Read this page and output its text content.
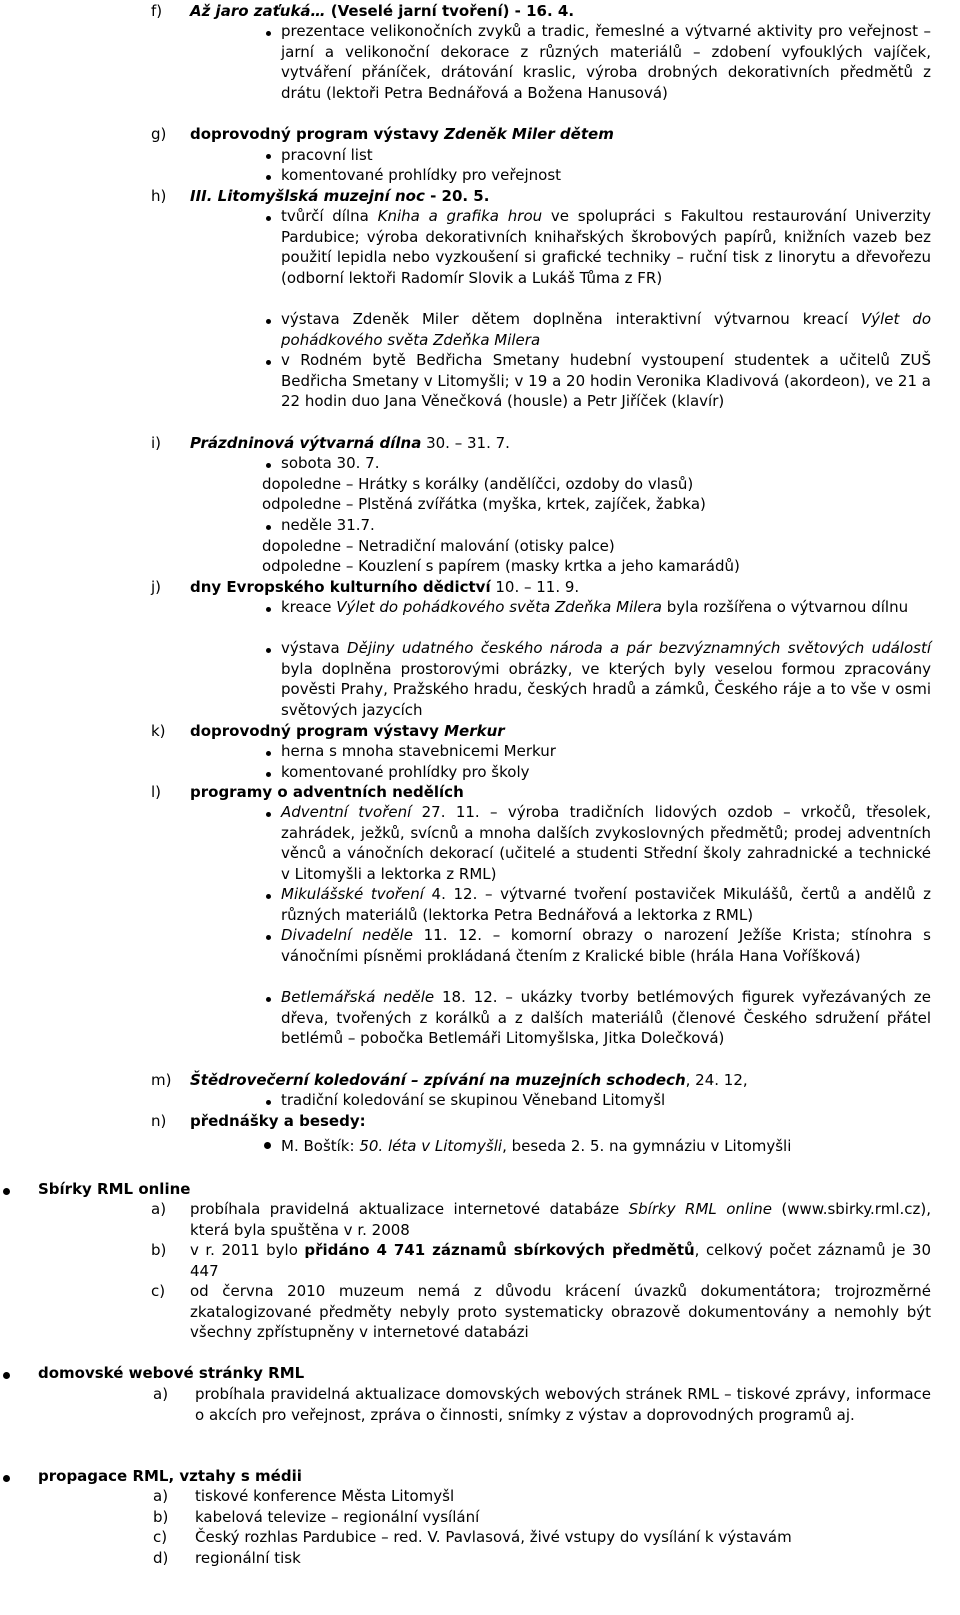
f) Až jaro zaťuká… (Veselé jarní tvoření) - 16. 4.
prezentace velikonočních zvyků a tradic, řemeslné a výtvarné aktivity pro veřejnost – jarní a velikonoční dekorace z různých materiálů – zdobení vyfouklých vajíček, vytváření přáníček, drátování kraslic, výroba drobných dekorativních předmětů z drátu (lektoři Petra Bednářová a Božena Hanusová)
g) doprovodný program výstavy Zdeněk Miler dětem
pracovní list
komentované prohlídky pro veřejnost
h) III. Litomyšlská muzejní noc - 20. 5.
tvůrčí dílna Kniha a grafika hrou ve spolupráci s Fakultou restaurování Univerzity Pardubice; výroba dekorativních knihařských škrobových papírů, knižních vazeb bez použití lepidla nebo vyzkoušení si grafické techniky – ruční tisk z linorytu a dřevořezu (odborní lektoři Radomír Slovik a Lukáš Tůma z FR)
výstava Zdeněk Miler dětem doplněna interaktivní výtvarnou kreací Výlet do pohádkového světa Zdeňka Milera
v Rodném bytě Bedřicha Smetany hudební vystoupení studentek a učitelů ZUŠ Bedřicha Smetany v Litomyšli; v 19 a 20 hodin Veronika Kladivová (akordeon), ve 21 a 22 hodin duo Jana Věnečková (housle) a Petr Jiříček (klavír)
i) Prázdninová výtvarná dílna 30. – 31. 7.
sobota 30. 7.
dopoledne – Hrátky s korálky (andělíčci, ozdoby do vlasů)
odpoledne – Plstěná zvířátka (myška, krtek, zajíček, žabka)
neděle 31.7.
dopoledne – Netradiční malování (otisky palce)
odpoledne – Kouzlení s papírem (masky krtka a jeho kamarádů)
j) dny Evropského kulturního dědictví 10. – 11. 9.
kreace Výlet do pohádkového světa Zdeňka Milera byla rozšířena o výtvarnou dílnu
výstava Dějiny udatného českého národa a pár bezvýznamných světových událostí byla doplněna prostorovými obrázky, ve kterých byly veselou formou zpracovány pověsti Prahy, Pražského hradu, českých hradů a zámků, Českého ráje a to vše v osmi světových jazycích
k) doprovodný program výstavy Merkur
herna s mnoha stavebnicemi Merkur
komentované prohlídky pro školy
l) programy o adventních nedělích
Adventní tvoření 27. 11. – výroba tradičních lidových ozdob – vrkočů, třesolek, zahrádek, ježků, svícnů a mnoha dalších zvykoslovných předmětů; prodej adventních věnců a vánočních dekorací (učitelé a studenti Střední školy zahradnické a technické v Litomyšli a lektorka z RML)
Mikulášské tvoření 4. 12. – výtvarné tvoření postaviček Mikulášů, čertů a andělů z různých materiálů (lektorka Petra Bednářová a lektorka z RML)
Divadelní neděle 11. 12. – komorní obrazy o narození Ježíše Krista; stínohra s vánočními písněmi prokládaná čtením z Kralické bible (hrála Hana Voříšková)
Betlemářská neděle 18. 12. – ukázky tvorby betlémových figurek vyřezávaných ze dřeva, tvořených z korálků a z dalších materiálů (členové Českého sdružení přátel betlémů – pobočka Betlemáři Litomyšlska, Jitka Dolečková)
m) Štědrovečerní koledování – zpívání na muzejních schodech, 24. 12,
tradiční koledování se skupinou Věneband Litomyšl
n) přednášky a besedy:
M. Boštík: 50. léta v Litomyšli, beseda 2. 5. na gymnáziu v Litomyšli
Sbírky RML online
a) probíhala pravidelná aktualizace internetové databáze Sbírky RML online (www.sbirky.rml.cz), která byla spuštěna v r. 2008
b) v r. 2011 bylo přidáno 4 741 záznamů sbírkových předmětů, celkový počet záznamů je 30 447
c) od června 2010 muzeum nemá z důvodu krácení úvazků dokumentátora; trojrozměrné zkatalogizované předměty nebyly proto systematicky obrazově dokumentovány a nemohly být všechny zpřístupněny v internetové databázi
domovské webové stránky RML
a) probíhala pravidelná aktualizace domovských webových stránek RML – tiskové zprávy, informace o akcích pro veřejnost, zpráva o činnosti, snímky z výstav a doprovodných programů aj.
propagace RML, vztahy s médii
a) tiskové konference Města Litomyšl
b) kabelová televize – regionální vysílání
c) Český rozhlas Pardubice – red. V. Pavlasová, živé vstupy do vysílání k výstavám
d) regionální tisk
